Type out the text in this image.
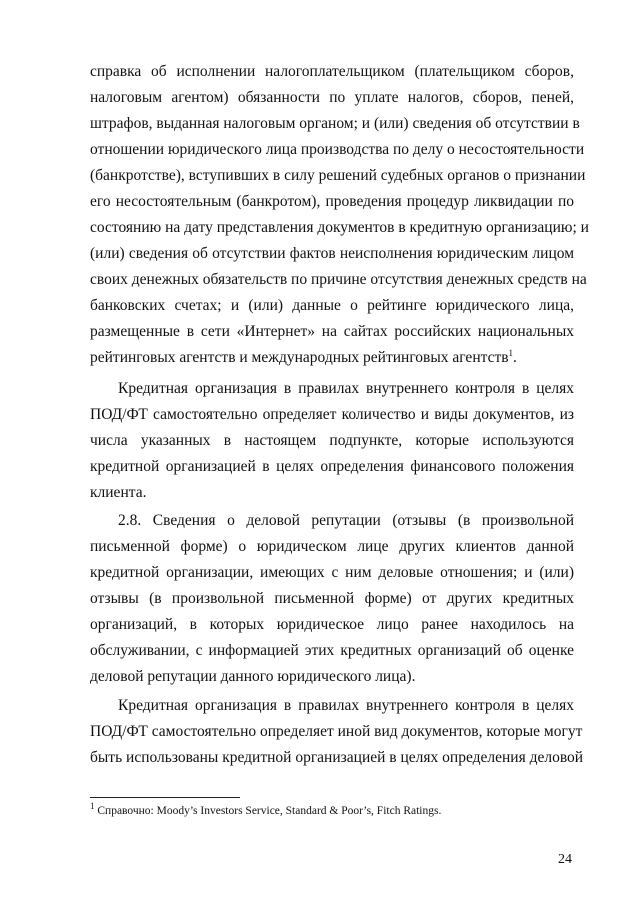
справка об исполнении налогоплательщиком (плательщиком сборов,
налоговым агентом) обязанности по уплате налогов, сборов, пеней,
штрафов, выданная налоговым органом; и (или) сведения об отсутствии в
отношении юридического лица производства по делу о несостоятельности
(банкротстве), вступивших в силу решений судебных органов о признании
его несостоятельным (банкротом), проведения процедур ликвидации по
состоянию на дату представления документов в кредитную организацию; и
(или) сведения об отсутствии фактов неисполнения юридическим лицом
своих денежных обязательств по причине отсутствия денежных средств на
банковских счетах; и (или) данные о рейтинге юридического лица,
размещенные в сети «Интернет» на сайтах российских национальных
рейтинговых агентств и международных рейтинговых агентств$^1$.
Кредитная организация в правилах внутреннего контроля в целях
ПОД/ФТ самостоятельно определяет количество и виды документов, из
числа указанных в настоящем подпункте, которые используются
кредитной организацией в целях определения финансового положения
клиента.
2.8. Сведения о деловой репутации (отзывы (в произвольной
письменной форме) о юридическом лице других клиентов данной
кредитной организации, имеющих с ним деловые отношения; и (или)
отзывы (в произвольной письменной форме) от других кредитных
организаций, в которых юридическое лицо ранее находилось на
обслуживании, с информацией этих кредитных организаций об оценке
деловой репутации данного юридического лица).
Кредитная организация в правилах внутреннего контроля в целях
ПОД/ФТ самостоятельно определяет иной вид документов, которые могут
быть использованы кредитной организацией в целях определения деловой
$^1$ Справочно: Moody’s Investors Service, Standard & Poor’s, Fitch Ratings.
24
